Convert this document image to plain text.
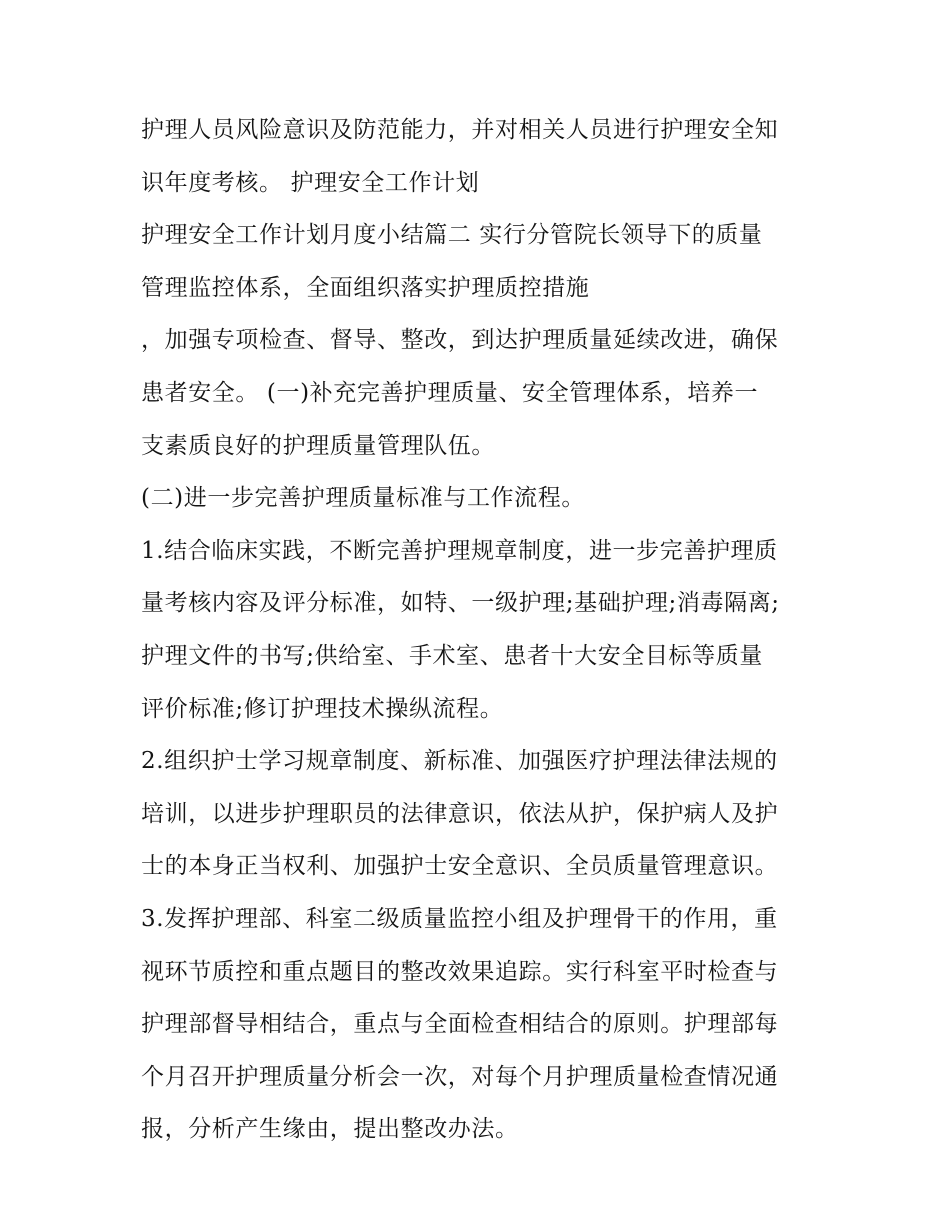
护理人员风险意识及防范能力，并对相关人员进行护理安全知
识年度考核。 护理安全工作计划
护理安全工作计划月度小结篇二 实行分管院长领导下的质量
管理监控体系，全面组织落实护理质控措施
，加强专项检查、督导、整改，到达护理质量延续改进，确保
患者安全。 (一)补充完善护理质量、安全管理体系，培养一
支素质良好的护理质量管理队伍。
(二)进一步完善护理质量标准与工作流程。
1.结合临床实践，不断完善护理规章制度，进一步完善护理质
量考核内容及评分标准，如特、一级护理;基础护理;消毒隔离;
护理文件的书写;供给室、手术室、患者十大安全目标等质量
评价标准;修订护理技术操纵流程。
2.组织护士学习规章制度、新标准、加强医疗护理法律法规的
培训，以进步护理职员的法律意识，依法从护，保护病人及护
士的本身正当权利、加强护士安全意识、全员质量管理意识。
3.发挥护理部、科室二级质量监控小组及护理骨干的作用，重
视环节质控和重点题目的整改效果追踪。实行科室平时检查与
护理部督导相结合，重点与全面检查相结合的原则。护理部每
个月召开护理质量分析会一次，对每个月护理质量检查情况通
报，分析产生缘由，提出整改办法。
